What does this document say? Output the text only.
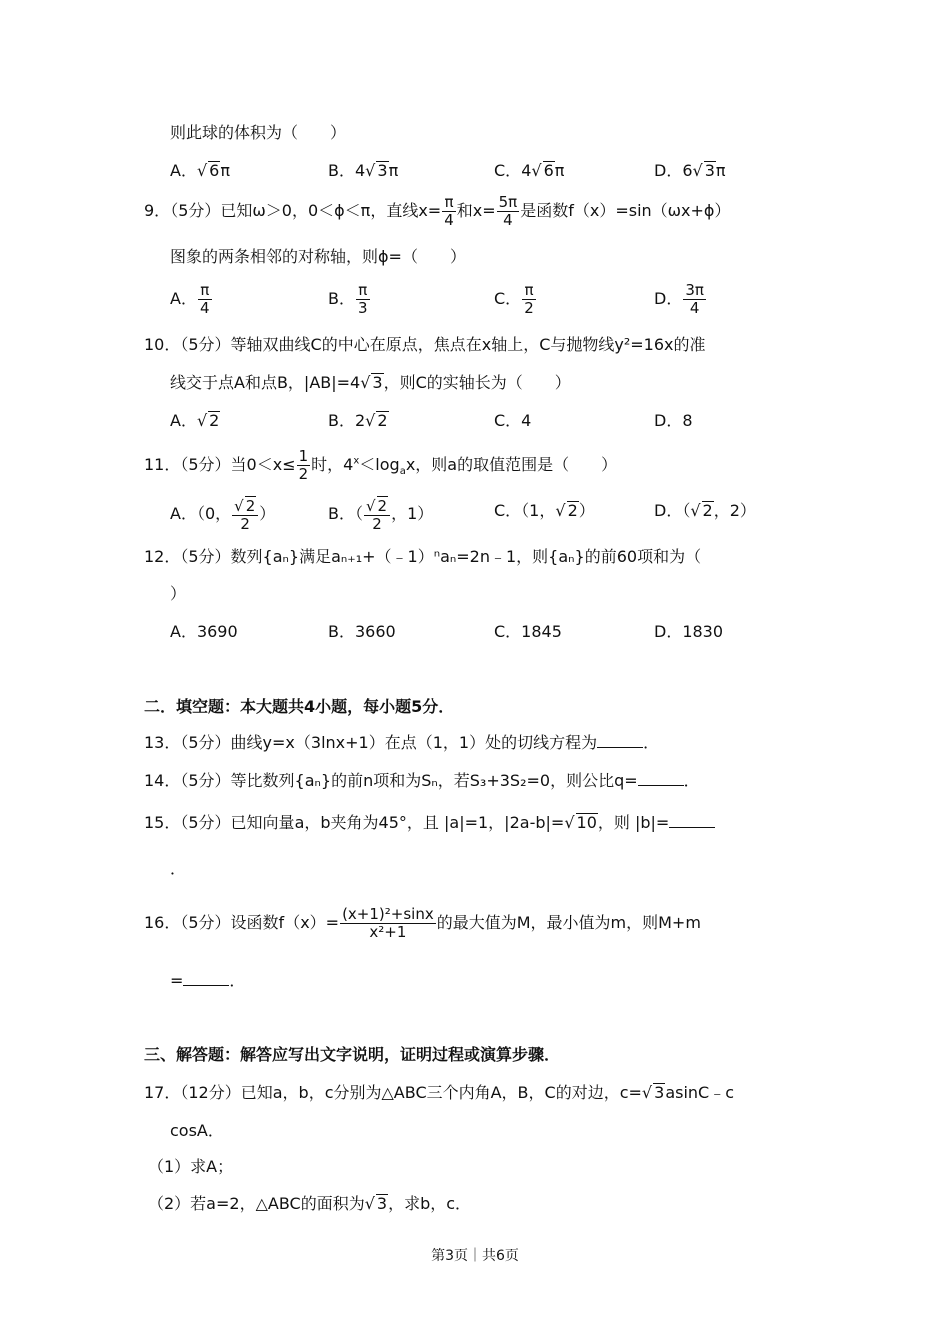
则此球的体积为（　　）
A．√ 6π	B．4√ 3π	C．4√ 6π	D．6√ 3π
9．（5分）已知ω＞0，0＜ϕ＜π，直线$x= \frac{\pi}{4}$ 和$x= \frac{5\pi}{4}$ 是函数f（x）=sin（ωx+ϕ）
图象的两条相邻的对称轴，则ϕ=（　　）
A． $\frac{\pi}{4}$	B． $\frac{\pi}{3}$	C． $\frac{\pi}{2}$	D． $\frac{3\pi}{4}$
10．（5分）等轴双曲线C的中心在原点，焦点在x轴上，C与抛物线y²=16x的准
线交于点A和点B，|AB|=4√ 3，则C的实轴长为（　　）
A．√ 2	B．2√ 2	C．4	D．8
11．（5分）当$0<x\le \frac{1}{2}$ 时，$4^x<\log_ax$，则a的取值范围是（　　）
A．（0， $\frac{√ 2}{2}$ ）	B．（ $\frac{√ 2}{2}$ ，1）	C．（1，√ 2）	D．（√ 2，2）
12．（5分）数列{aₙ}满足aₙ₊₁+（﹣1）ⁿaₙ=2n﹣1，则{aₙ}的前60项和为（
）
A．3690	B．3660	C．1845	D．1830
二．填空题：本大题共4小题，每小题5分．
13．（5分）曲线y=x（3lnx+1）在点（1，1）处的切线方程为	．
14．（5分）等比数列{aₙ}的前n项和为Sₙ，若S₃+3S₂=0，则公比q=	．
15．（5分）已知向量a，b夹角为45°，且 |a|=1，|2a-b|=√ 10，则 |b|=
．
16．（5分）设函数$f(x)= \frac{\text{(x+1)²+sinx}}{\text{x²+1}}$ 的最大值为M，最小值为m，则M+m
=	．
三、解答题：解答应写出文字说明，证明过程或演算步骤．
17．（12分）已知a，b，c分别为△ABC三个内角A，B，C的对边，c=√ 3asinC﹣c
cosA．
（1）求A；
（2）若a=2，△ABC的面积为√ 3，求b，c．
第3页｜共6页
